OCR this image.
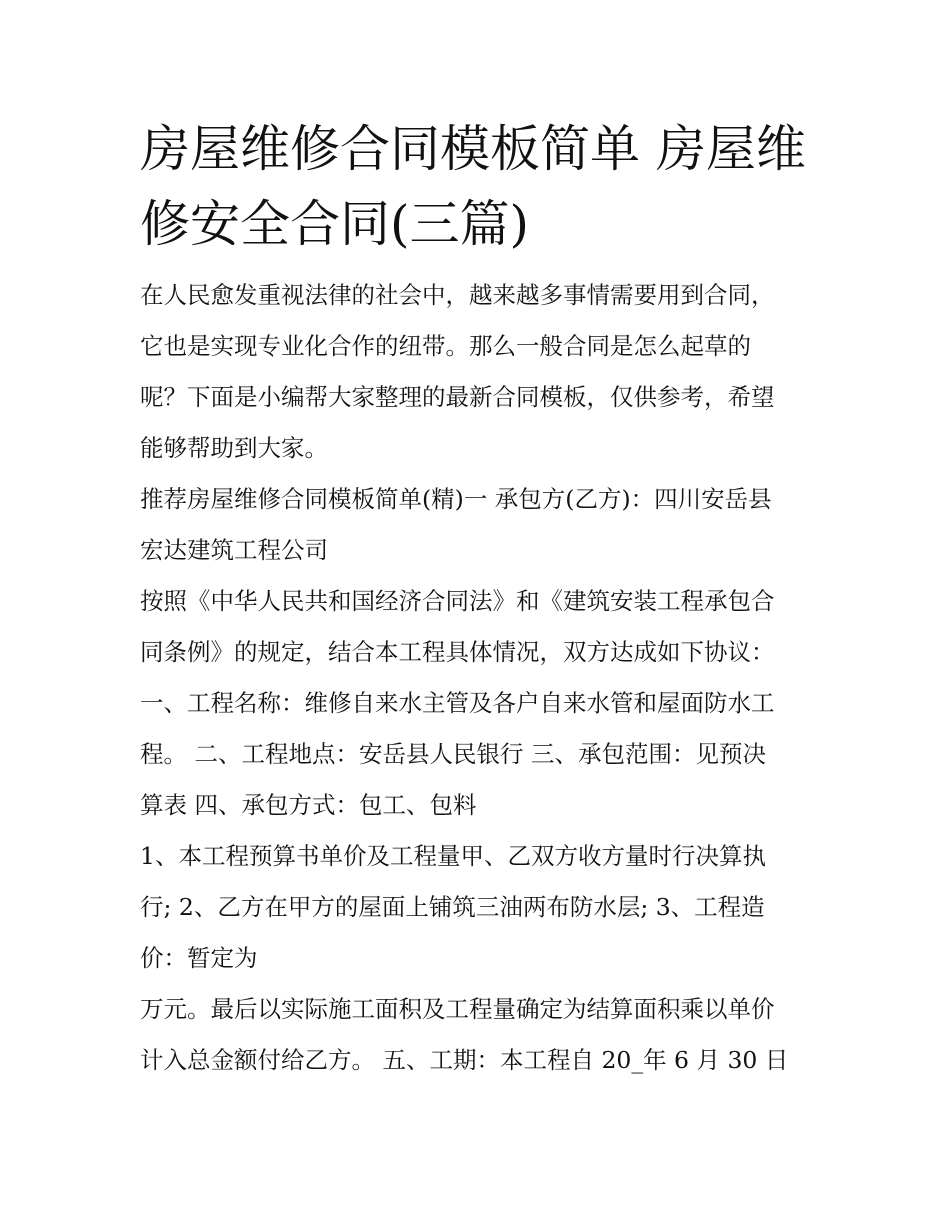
房屋维修合同模板简单 房屋维
修安全合同(三篇)

在人民愈发重视法律的社会中，越来越多事情需要用到合同，
它也是实现专业化合作的纽带。那么一般合同是怎么起草的
呢？下面是小编帮大家整理的最新合同模板，仅供参考，希望
能够帮助到大家。

推荐房屋维修合同模板简单(精)一 承包方(乙方)：四川安岳县
宏达建筑工程公司

按照《中华人民共和国经济合同法》和《建筑安装工程承包合
同条例》的规定，结合本工程具体情况，双方达成如下协议：
一、工程名称：维修自来水主管及各户自来水管和屋面防水工
程。 二、工程地点：安岳县人民银行 三、承包范围：见预决
算表 四、承包方式：包工、包料

1、本工程预算书单价及工程量甲、乙双方收方量时行决算执
行; 2、乙方在甲方的屋面上铺筑三油两布防水层; 3、工程造
价：暂定为

万元。最后以实际施工面积及工程量确定为结算面积乘以单价
计入总金额付给乙方。 五、工期：本工程自 20_年 6 月 30 日
